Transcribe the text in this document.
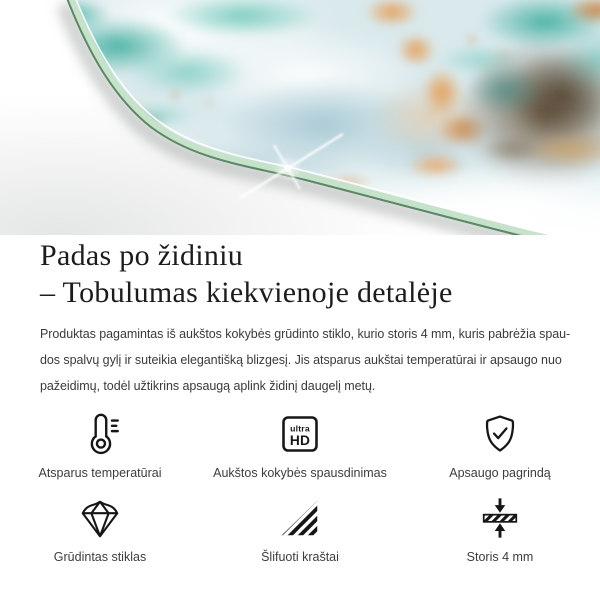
Padas po židiniu
– Tobulumas kiekvienoje detalėje
Produktas pagamintas iš aukštos kokybės grūdinto stiklo, kurio storis 4 mm, kuris pabrėžia spau-
dos spalvų gylį ir suteikia elegantišką blizgesį. Jis atsparus aukštai temperatūrai ir apsaugo nuo
pažeidimų, todėl užtikrins apsaugą aplink židinį daugelį metų.
Atsparus temperatūrai
ultra
HD
Aukštos kokybės spausdinimas	Apsaugo pagrindą
Grūdintas stiklas	Šlifuoti kraštai	Storis 4 mm
